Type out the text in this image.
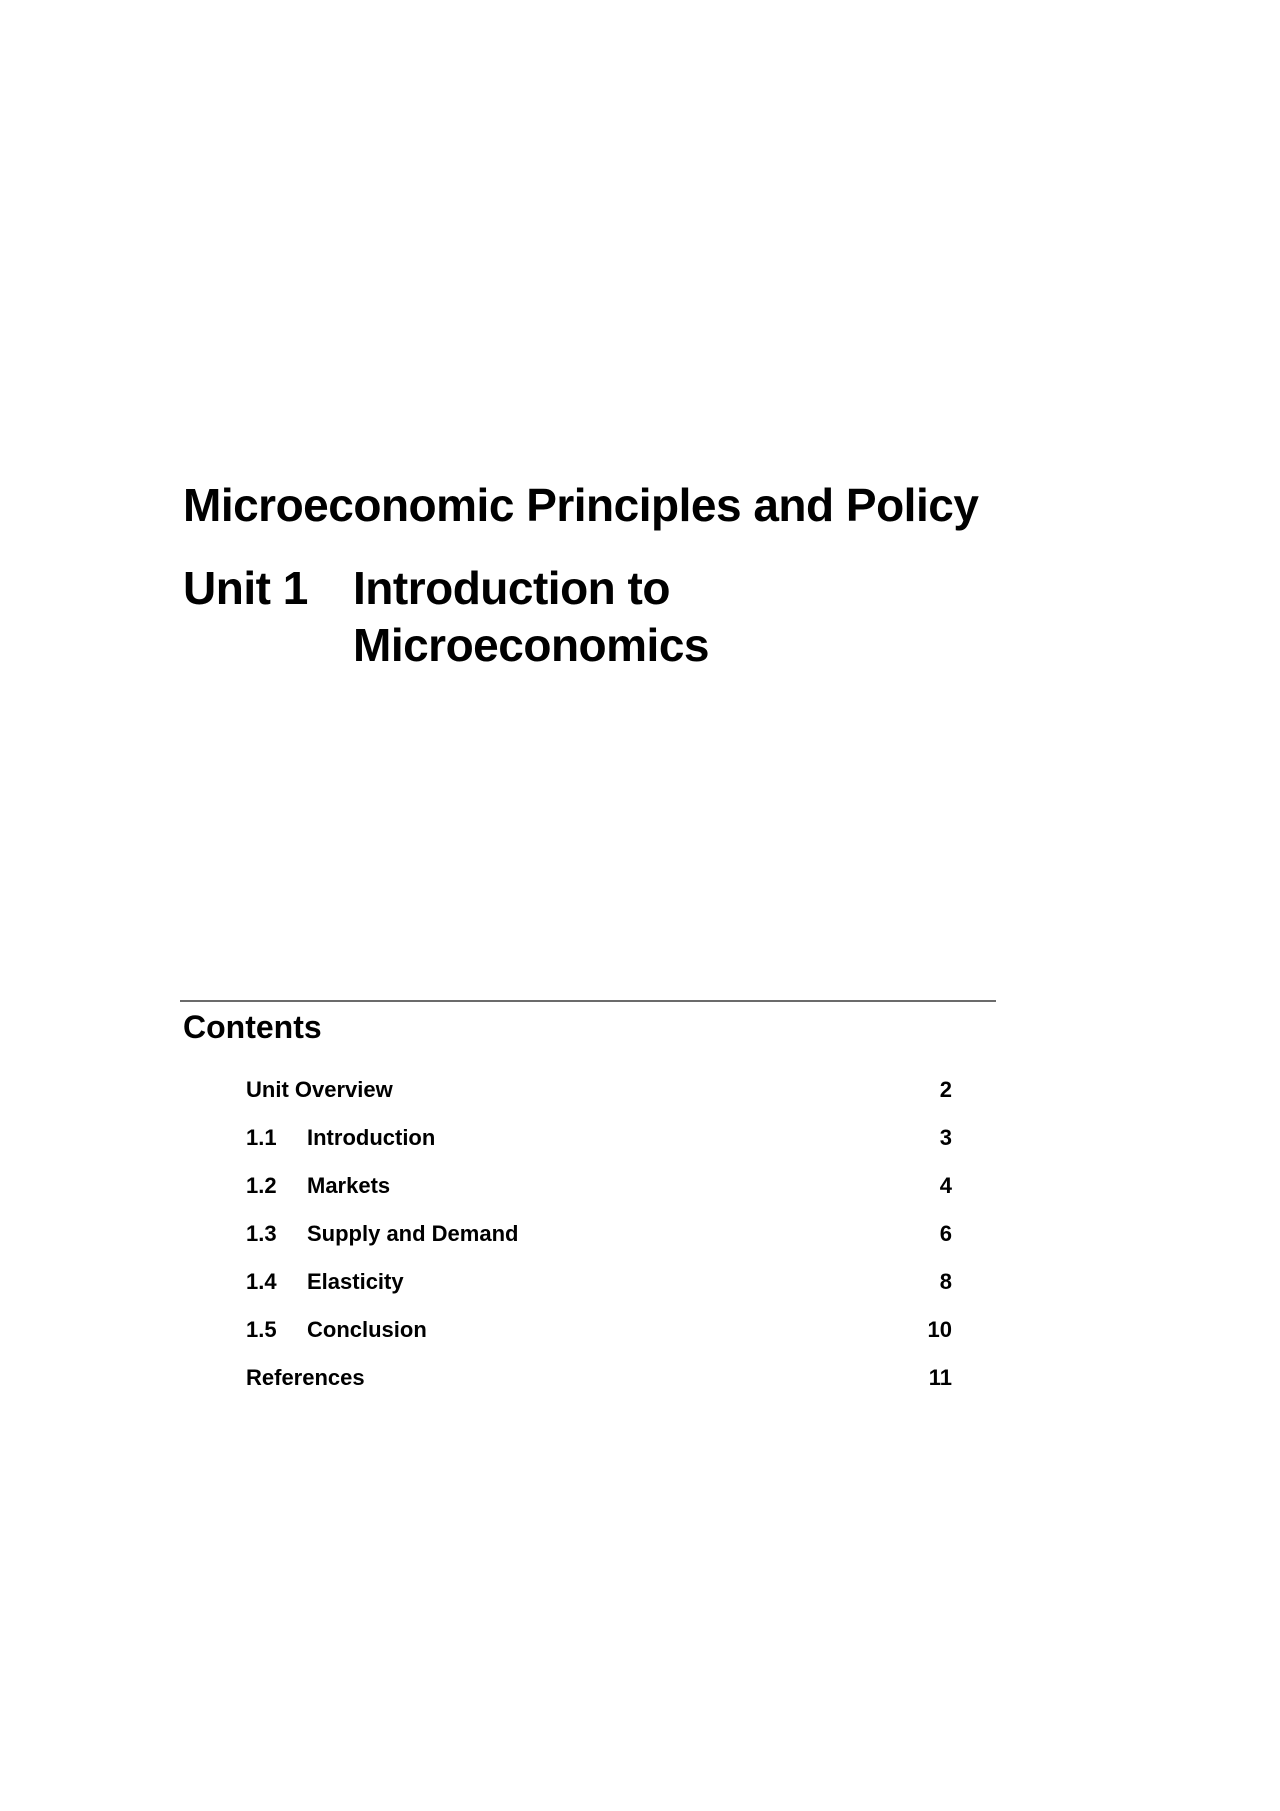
Microeconomic Principles and Policy
Unit 1 Introduction to Microeconomics
Contents
Unit Overview	2
1.1 Introduction	3
1.2 Markets	4
1.3 Supply and Demand	6
1.4 Elasticity	8
1.5 Conclusion	10
References	11
